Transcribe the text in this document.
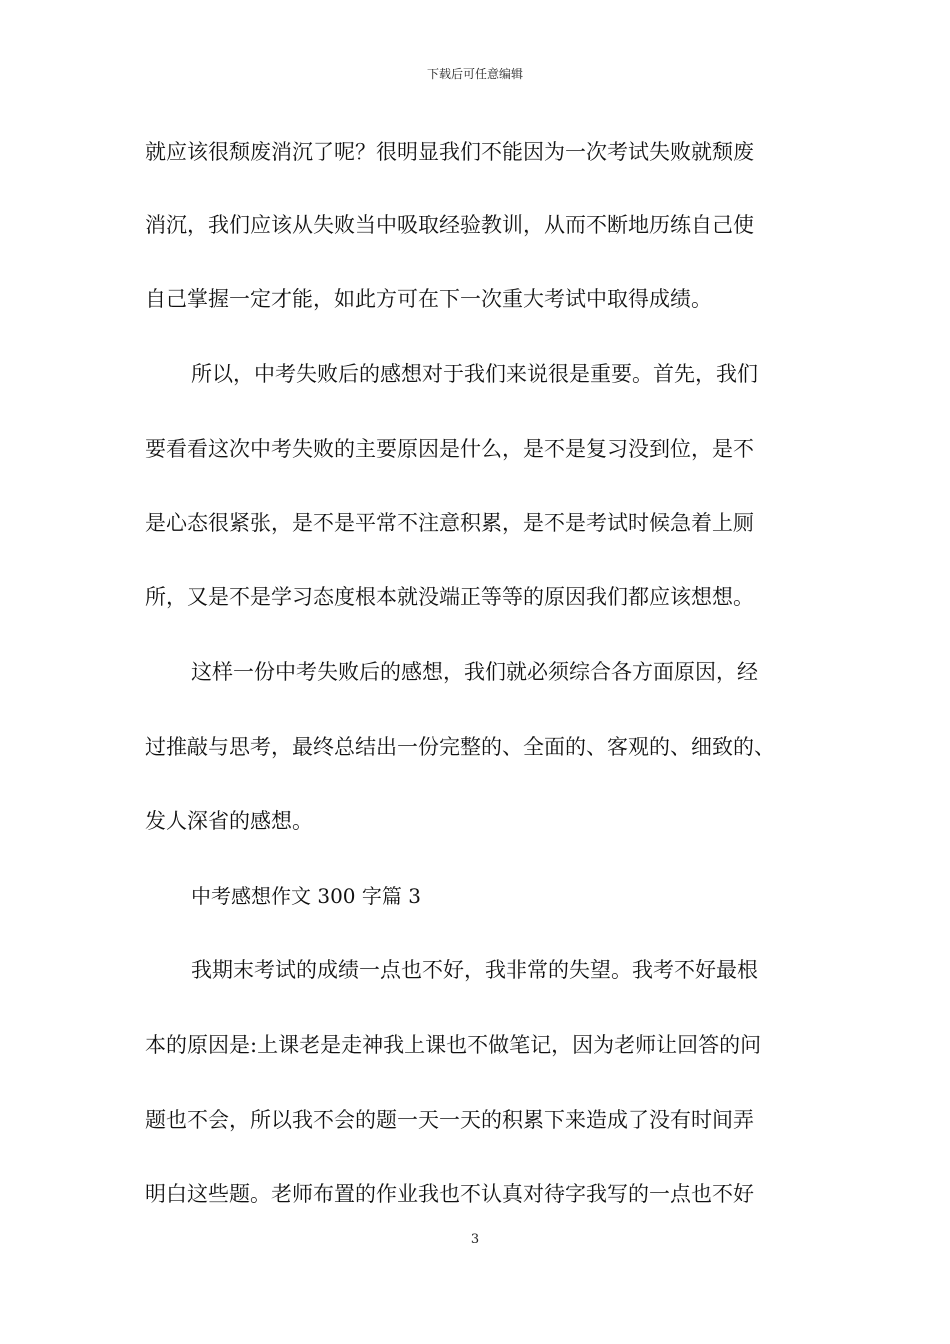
下载后可任意编辑
就应该很颓废消沉了呢？很明显我们不能因为一次考试失败就颓废
消沉，我们应该从失败当中吸取经验教训，从而不断地历练自己使
自己掌握一定才能，如此方可在下一次重大考试中取得成绩。
所以，中考失败后的感想对于我们来说很是重要。首先，我们
要看看这次中考失败的主要原因是什么，是不是复习没到位，是不
是心态很紧张，是不是平常不注意积累，是不是考试时候急着上厕
所，又是不是学习态度根本就没端正等等的原因我们都应该想想。
这样一份中考失败后的感想，我们就必须综合各方面原因，经
过推敲与思考，最终总结出一份完整的、全面的、客观的、细致的、
发人深省的感想。
中考感想作文 300 字篇 3
我期末考试的成绩一点也不好，我非常的失望。我考不好最根
本的原因是:上课老是走神我上课也不做笔记，因为老师让回答的问
题也不会，所以我不会的题一天一天的积累下来造成了没有时间弄
明白这些题。老师布置的作业我也不认真对待字我写的一点也不好
3
